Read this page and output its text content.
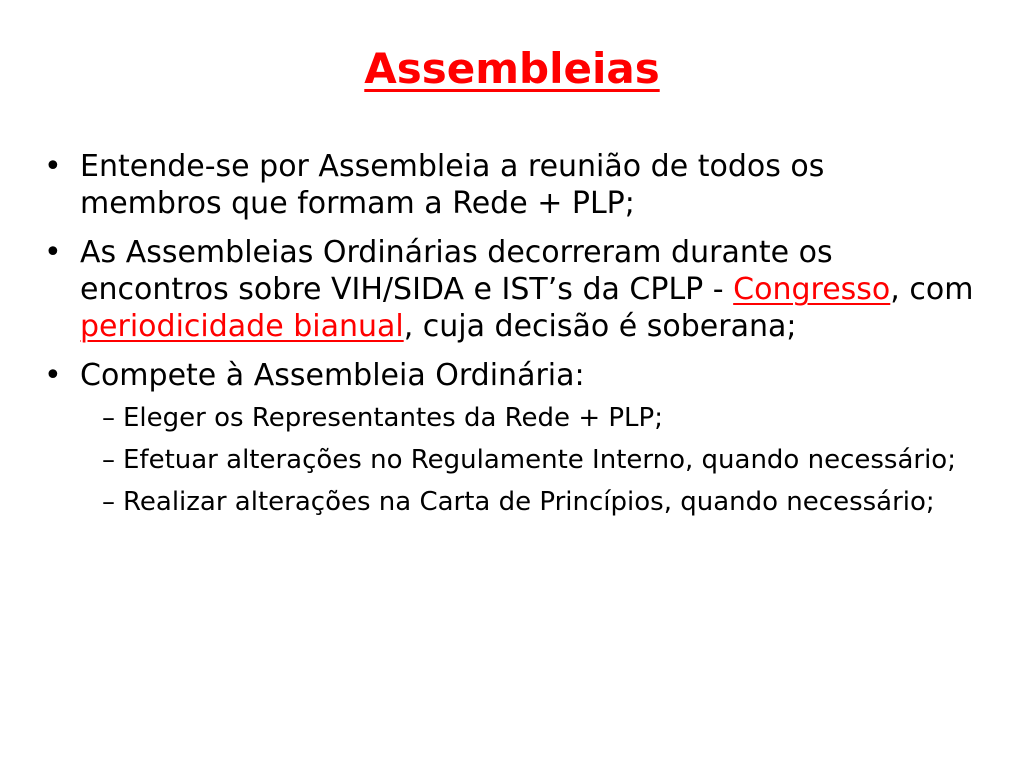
Assembleias
• Entende-se por Assembleia a reunião de todos os membros que formam a Rede + PLP;
• As Assembleias Ordinárias decorreram durante os encontros sobre VIH/SIDA e IST’s da CPLP - Congresso, com periodicidade bianual, cuja decisão é soberana;
• Compete à Assembleia Ordinária:
– Eleger os Representantes da Rede + PLP;
– Efetuar alterações no Regulamente Interno, quando necessário;
– Realizar alterações na Carta de Princípios, quando necessário;
